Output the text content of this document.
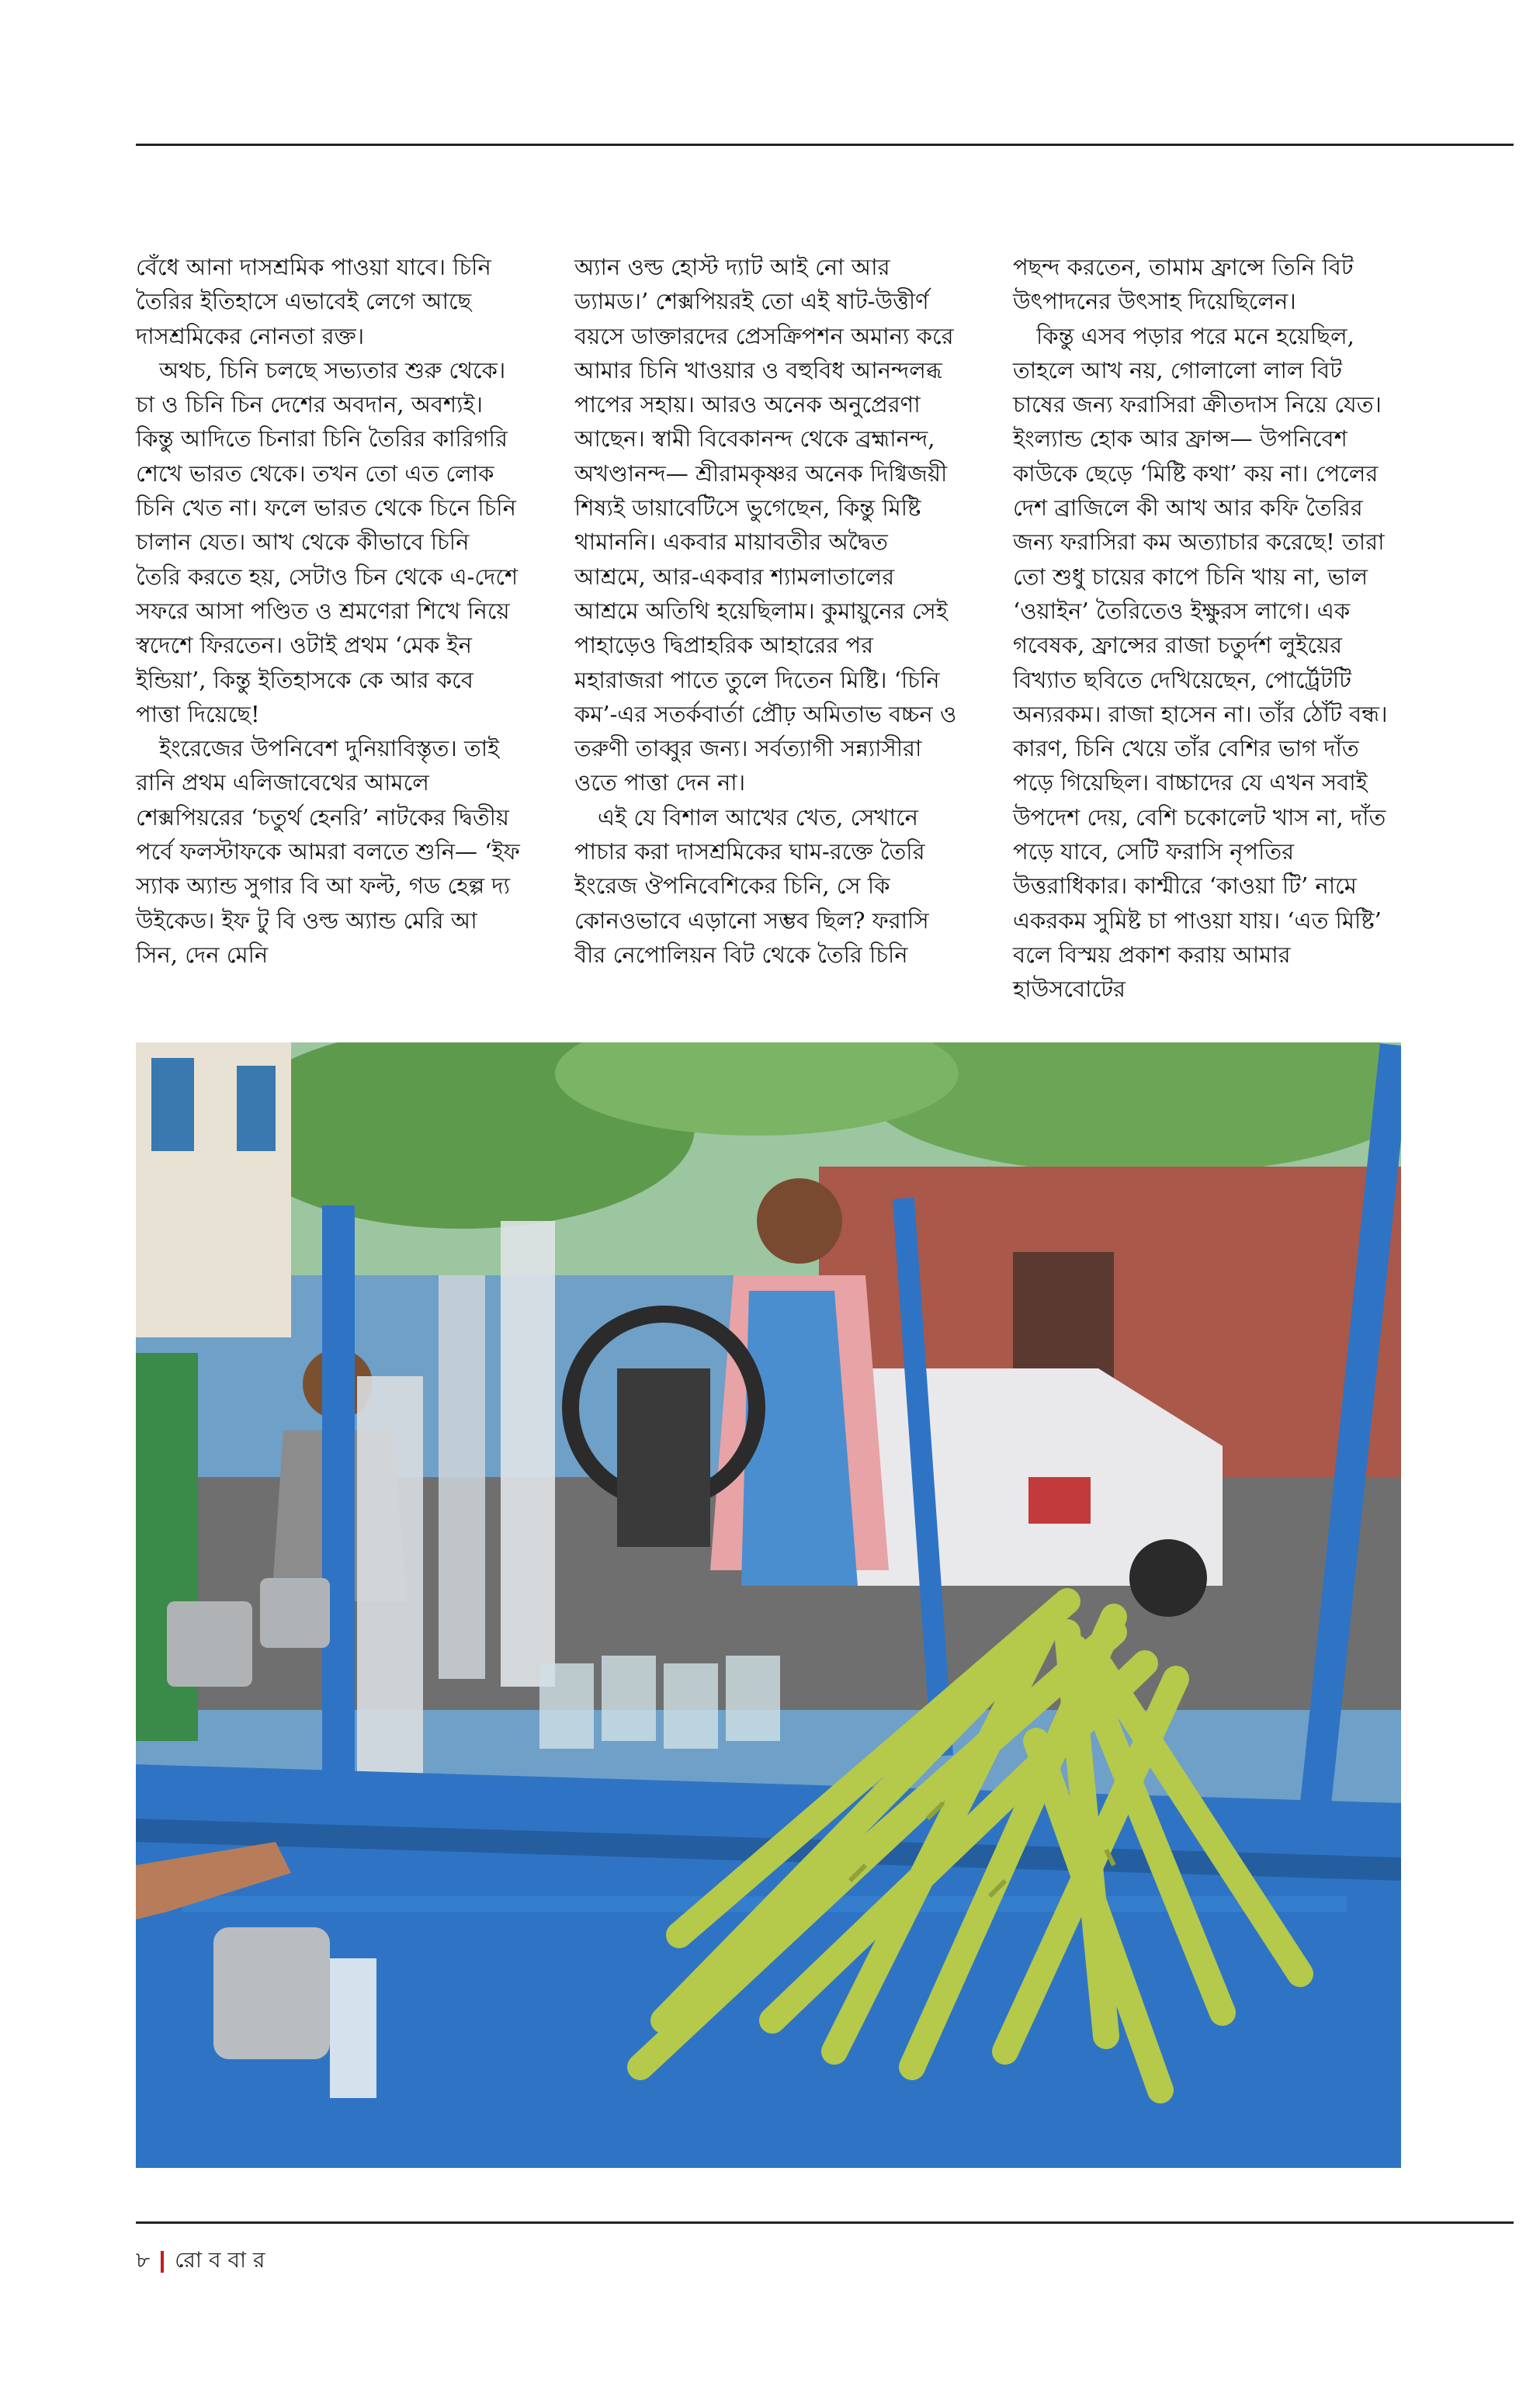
বেঁধে আনা দাসশ্রমিক পাওয়া যাবে। চিনি তৈরির ইতিহাসে এভাবেই লেগে আছে দাসশ্রমিকের নোনতা রক্ত।

অথচ, চিনি চলছে সভ্যতার শুরু থেকে। চা ও চিনি চিন দেশের অবদান, অবশ্যই। কিন্তু আদিতে চিনারা চিনি তৈরির কারিগরি শেখে ভারত থেকে। তখন তো এত লোক চিনি খেত না। ফলে ভারত থেকে চিনে চিনি চালান যেত। আখ থেকে কীভাবে চিনি তৈরি করতে হয়, সেটাও চিন থেকে এ-দেশে সফরে আসা পণ্ডিত ও শ্রমণেরা শিখে নিয়ে স্বদেশে ফিরতেন। ওটাই প্রথম ‘মেক ইন ইন্ডিয়া’, কিন্তু ইতিহাসকে কে আর কবে পাত্তা দিয়েছে!

ইংরেজের উপনিবেশ দুনিয়াবিস্তৃত। তাই রানি প্রথম এলিজাবেথের আমলে শেক্সপিয়রের ‘চতুর্থ হেনরি’ নাটকের দ্বিতীয় পর্বে ফলস্টাফকে আমরা বলতে শুনি— ‘ইফ স্যাক অ্যান্ড সুগার বি আ ফল্ট, গড হেল্প দ্য উইকেড। ইফ টু বি ওল্ড অ্যান্ড মেরি আ সিন, দেন মেনি

অ্যান ওল্ড হোস্ট দ্যাট আই নো আর ড্যামড।’ শেক্সপিয়রই তো এই ষাট-উত্তীর্ণ বয়সে ডাক্তারদের প্রেসক্রিপশন অমান্য করে আমার চিনি খাওয়ার ও বহুবিধ আনন্দলব্ধ পাপের সহায়। আরও অনেক অনুপ্রেরণা আছেন। স্বামী বিবেকানন্দ থেকে ব্রহ্মানন্দ, অখণ্ডানন্দ— শ্রীরামকৃষ্ণর অনেক দিগ্বিজয়ী শিষ্যই ডায়াবেটিসে ভুগেছেন, কিন্তু মিষ্টি থামাননি। একবার মায়াবতীর অদ্বৈত আশ্রমে, আর-একবার শ্যামলাতালের আশ্রমে অতিথি হয়েছিলাম। কুমায়ুনের সেই পাহাড়েও দ্বিপ্রাহরিক আহারের পর মহারাজরা পাতে তুলে দিতেন মিষ্টি। ‘চিনি কম’-এর সতর্কবার্তা প্রৌঢ় অমিতাভ বচ্চন ও তরুণী তাব্বুর জন্য। সর্বত্যাগী সন্ন্যাসীরা ওতে পাত্তা দেন না।

এই যে বিশাল আখের খেত, সেখানে পাচার করা দাসশ্রমিকের ঘাম-রক্তে তৈরি ইংরেজ ঔপনিবেশিকের চিনি, সে কি কোনওভাবে এড়ানো সম্ভব ছিল? ফরাসি বীর নেপোলিয়ন বিট থেকে তৈরি চিনি

পছন্দ করতেন, তামাম ফ্রান্সে তিনি বিট উৎপাদনের উৎসাহ দিয়েছিলেন।

কিন্তু এসব পড়ার পরে মনে হয়েছিল, তাহলে আখ নয়, গোলালো লাল বিট চাষের জন্য ফরাসিরা ক্রীতদাস নিয়ে যেত। ইংল্যান্ড হোক আর ফ্রান্স— উপনিবেশ কাউকে ছেড়ে ‘মিষ্টি কথা’ কয় না। পেলের দেশ ব্রাজিলে কী আখ আর কফি তৈরির জন্য ফরাসিরা কম অত্যাচার করেছে! তারা তো শুধু চায়ের কাপে চিনি খায় না, ভাল ‘ওয়াইন’ তৈরিতেও ইক্ষুরস লাগে। এক গবেষক, ফ্রান্সের রাজা চতুর্দশ লুইয়ের বিখ্যাত ছবিতে দেখিয়েছেন, পোর্ট্রেটটি অন্যরকম। রাজা হাসেন না। তাঁর ঠোঁট বন্ধ। কারণ, চিনি খেয়ে তাঁর বেশির ভাগ দাঁত পড়ে গিয়েছিল। বাচ্চাদের যে এখন সবাই উপদেশ দেয়, বেশি চকোলেট খাস না, দাঁত পড়ে যাবে, সেটি ফরাসি নৃপতির উত্তরাধিকার। কাশ্মীরে ‘কাওয়া টি’ নামে একরকম সুমিষ্ট চা পাওয়া যায়। ‘এত মিষ্টি’ বলে বিস্ময় প্রকাশ করায় আমার হাউসবোটের

৮ রো ব বা র
